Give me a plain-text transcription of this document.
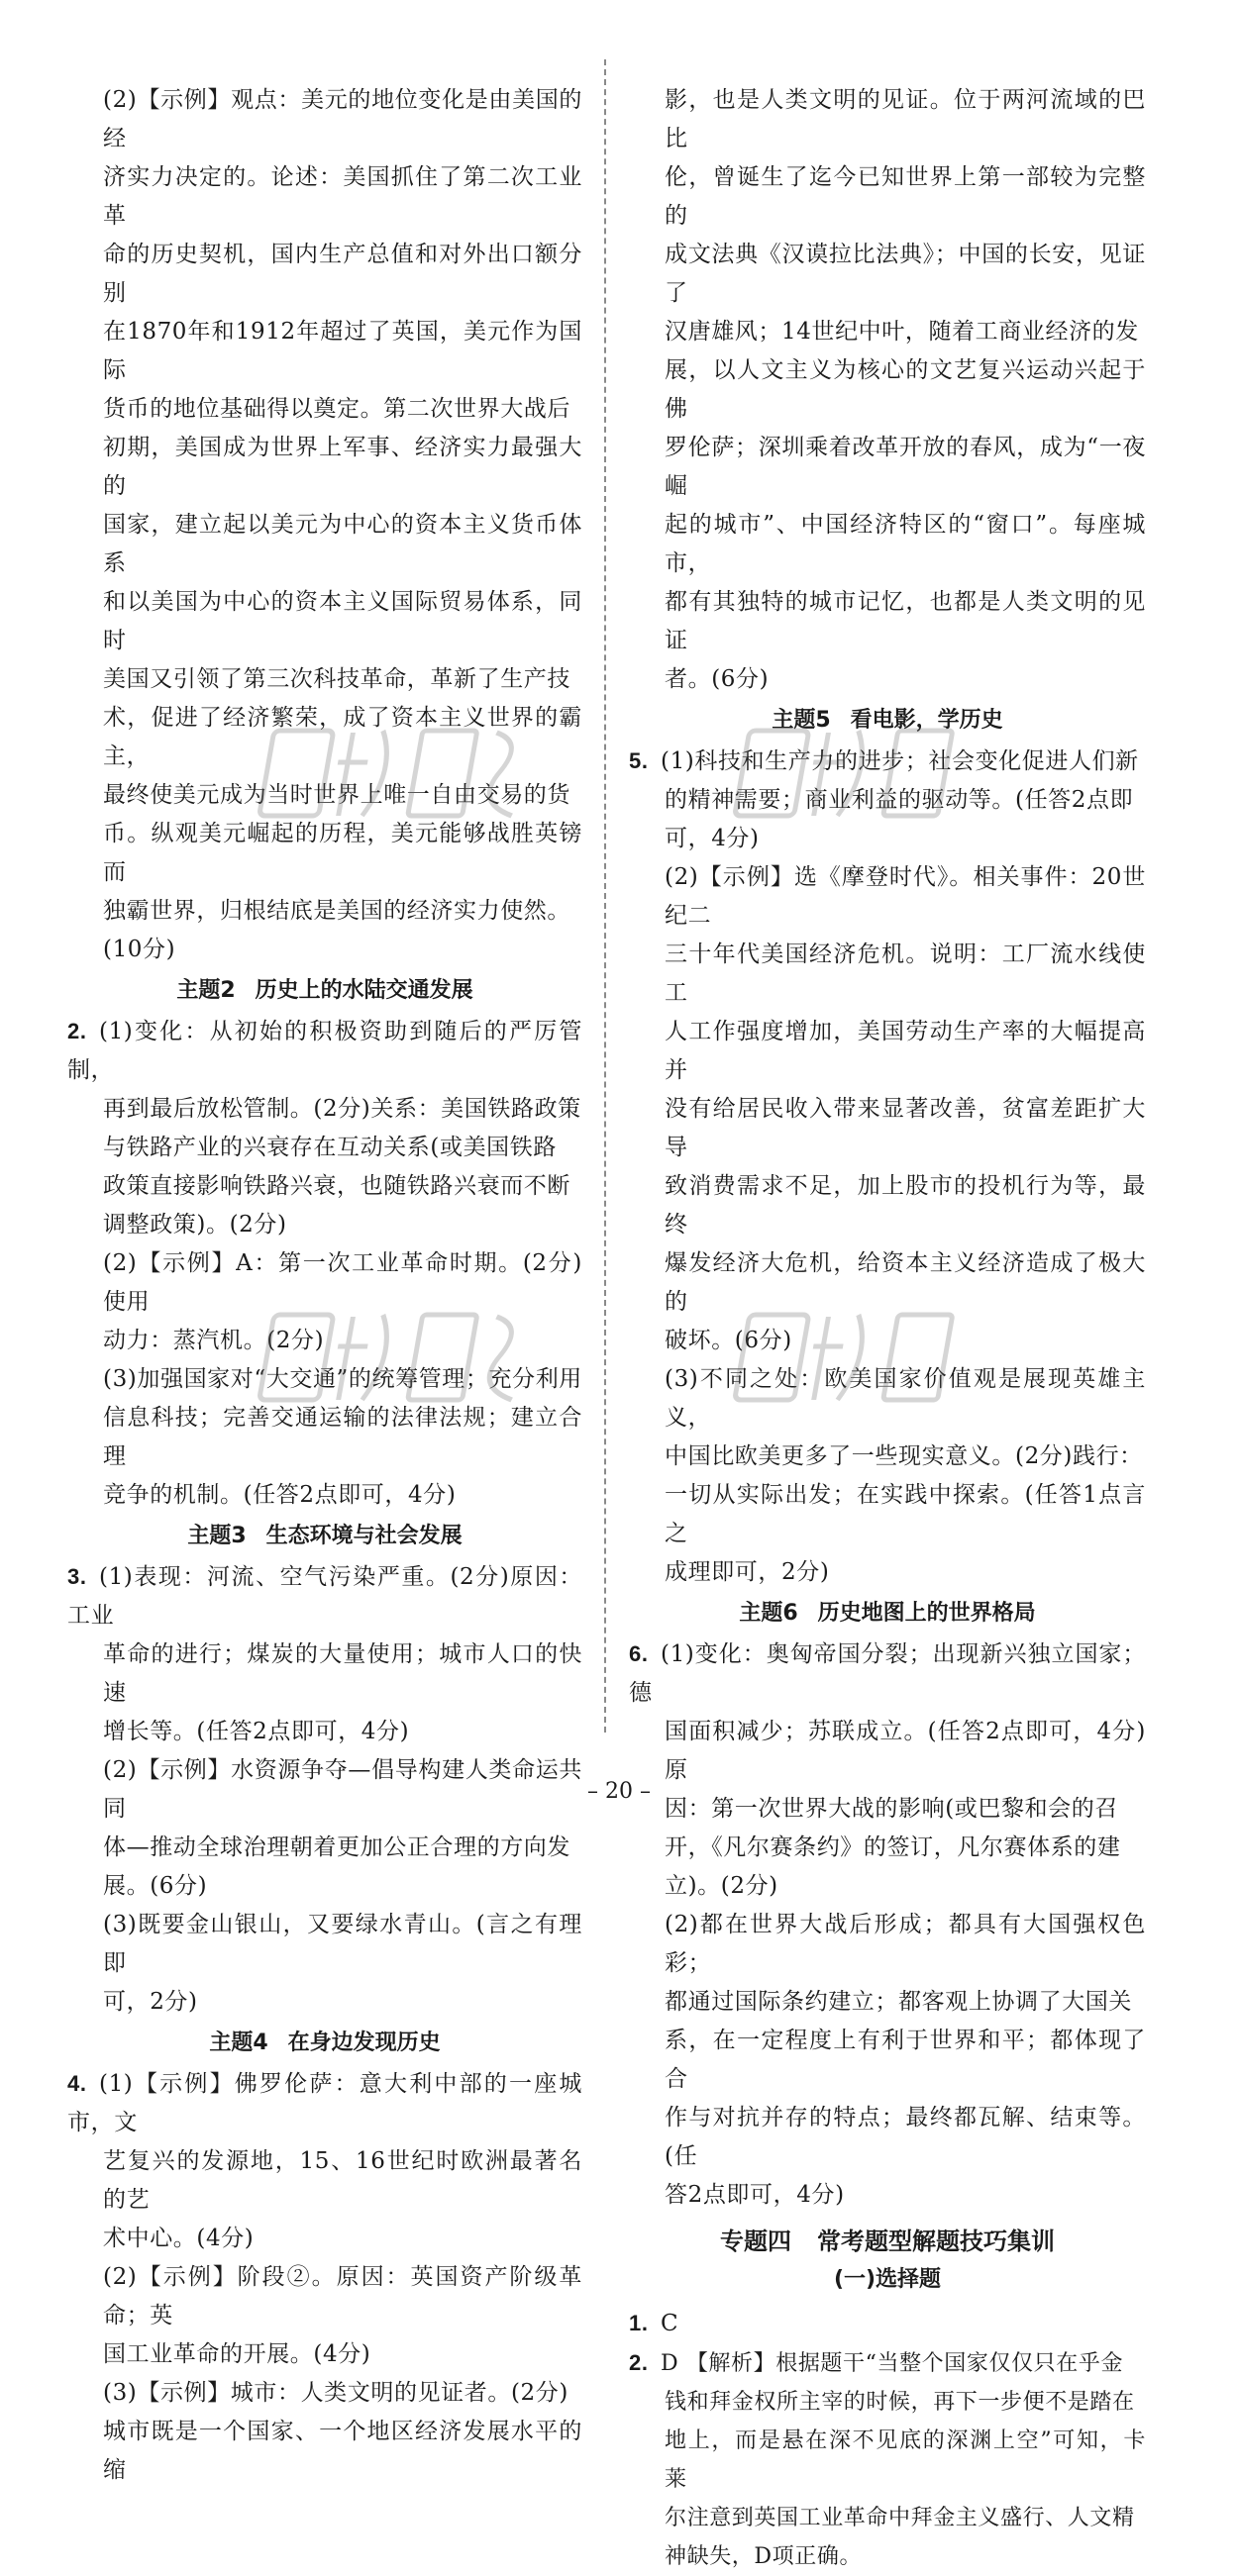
(2)【示例】观点：美元的地位变化是由美国的经

济实力决定的。论述：美国抓住了第二次工业革

命的历史契机，国内生产总值和对外出口额分别

在1870年和1912年超过了英国，美元作为国际

货币的地位基础得以奠定。第二次世界大战后

初期，美国成为世界上军事、经济实力最强大的

国家，建立起以美元为中心的资本主义货币体系

和以美国为中心的资本主义国际贸易体系，同时

美国又引领了第三次科技革命，革新了生产技

术，促进了经济繁荣，成了资本主义世界的霸主，

最终使美元成为当时世界上唯一自由交易的货

币。纵观美元崛起的历程，美元能够战胜英镑而

独霸世界，归根结底是美国的经济实力使然。

(10分)

主题2 历史上的水陆交通发展

2. (1)变化：从初始的积极资助到随后的严厉管制，

再到最后放松管制。(2分)关系：美国铁路政策

与铁路产业的兴衰存在互动关系(或美国铁路

政策直接影响铁路兴衰，也随铁路兴衰而不断

调整政策)。(2分)

(2)【示例】A：第一次工业革命时期。(2分)使用

动力：蒸汽机。(2分)

(3)加强国家对“大交通”的统筹管理；充分利用

信息科技；完善交通运输的法律法规；建立合理

竞争的机制。(任答2点即可，4分)

主题3 生态环境与社会发展

3. (1)表现：河流、空气污染严重。(2分)原因：工业

革命的进行；煤炭的大量使用；城市人口的快速

增长等。(任答2点即可，4分)

(2)【示例】水资源争夺—倡导构建人类命运共同

体—推动全球治理朝着更加公正合理的方向发

展。(6分)

(3)既要金山银山，又要绿水青山。(言之有理即

可，2分)

主题4 在身边发现历史

4. (1)【示例】佛罗伦萨：意大利中部的一座城市，文

艺复兴的发源地，15、16世纪时欧洲最著名的艺

术中心。(4分)

(2)【示例】阶段②。原因：英国资产阶级革命；英

国工业革命的开展。(4分)

(3)【示例】城市：人类文明的见证者。(2分)

城市既是一个国家、一个地区经济发展水平的缩

影，也是人类文明的见证。位于两河流域的巴比

伦，曾诞生了迄今已知世界上第一部较为完整的

成文法典《汉谟拉比法典》；中国的长安，见证了

汉唐雄风；14世纪中叶，随着工商业经济的发

展，以人文主义为核心的文艺复兴运动兴起于佛

罗伦萨；深圳乘着改革开放的春风，成为“一夜崛

起的城市”、中国经济特区的“窗口”。每座城市，

都有其独特的城市记忆，也都是人类文明的见证

者。(6分)

主题5 看电影，学历史

5. (1)科技和生产力的进步；社会变化促进人们新

的精神需要；商业利益的驱动等。(任答2点即

可，4分)

(2)【示例】选《摩登时代》。相关事件：20世纪二

三十年代美国经济危机。说明：工厂流水线使工

人工作强度增加，美国劳动生产率的大幅提高并

没有给居民收入带来显著改善，贫富差距扩大导

致消费需求不足，加上股市的投机行为等，最终

爆发经济大危机，给资本主义经济造成了极大的

破坏。(6分)

(3)不同之处：欧美国家价值观是展现英雄主义，

中国比欧美更多了一些现实意义。(2分)践行：

一切从实际出发；在实践中探索。(任答1点言之

成理即可，2分)

主题6 历史地图上的世界格局

6. (1)变化：奥匈帝国分裂；出现新兴独立国家；德

国面积减少；苏联成立。(任答2点即可，4分)原

因：第一次世界大战的影响(或巴黎和会的召

开，《凡尔赛条约》的签订，凡尔赛体系的建

立)。(2分)

(2)都在世界大战后形成；都具有大国强权色彩；

都通过国际条约建立；都客观上协调了大国关

系，在一定程度上有利于世界和平；都体现了合

作与对抗并存的特点；最终都瓦解、结束等。(任

答2点即可，4分)

专题四 常考题型解题技巧集训
(一)选择题

1. C

2. D 【解析】根据题干“当整个国家仅仅只在乎金

钱和拜金权所主宰的时候，再下一步便不是踏在

地上，而是悬在深不见底的深渊上空”可知，卡莱

尔注意到英国工业革命中拜金主义盛行、人文精

神缺失，D项正确。

– 20 –
